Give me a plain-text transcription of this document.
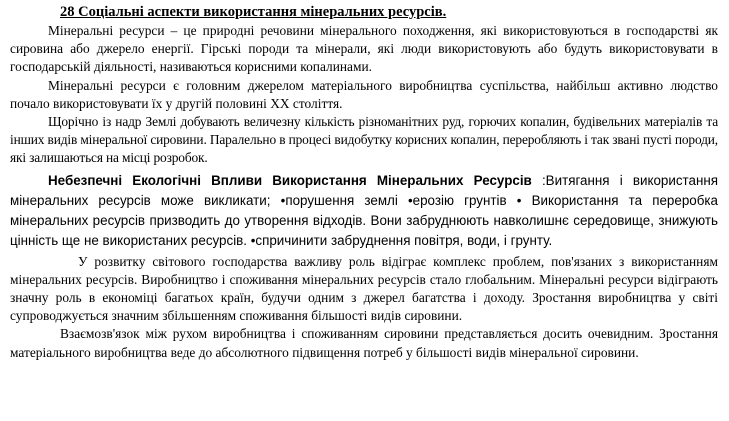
28 Соціальні аспекти використання мінеральних ресурсів.

Мінеральні ресурси – це природні речовини мінерального походження, які використовуються в господарстві як сировина або джерело енергії. Гірські породи та мінерали, які люди використовують або будуть використовувати в господарській діяльності, називаються корисними копалинами.

Мінеральні ресурси є головним джерелом матеріального виробництва суспільства, найбільш активно людство почало використовувати їх у другій половині ХХ століття.

Щорічно із надр Землі добувають величезну кількість різноманітних руд, горючих копалин, будівельних матеріалів та інших видів мінеральної сировини. Паралельно в процесі видобутку корисних копалин, переробляють і так звані пусті породи, які залишаються на місці розробок.

Небезпечні Екологічні Впливи Використання Мінеральних Ресурсів :Витягання і використання мінеральних ресурсів може викликати; •порушення землі •ерозію грунтів • Використання та переробка мінеральних ресурсів призводить до утворення відходів. Вони забруднюють навколишнє середовище, знижують цінність ще не використаних ресурсів. •спричинити забруднення повітря, води, і грунту.

У розвитку світового господарства важливу роль відіграє комплекс проблем, пов'язаних з використанням мінеральних ресурсів. Виробництво і споживання мінеральних ресурсів стало глобальним. Мінеральні ресурси відіграють значну роль в економіці багатьох країн, будучи одним з джерел багатства і доходу. Зростання виробництва у світі супроводжується значним збільшенням споживання більшості видів сировини.

Взаємозв'язок між рухом виробництва і споживанням сировини представляється досить очевидним. Зростання матеріального виробництва веде до абсолютного підвищення потреб у більшості видів мінеральної сировини.
